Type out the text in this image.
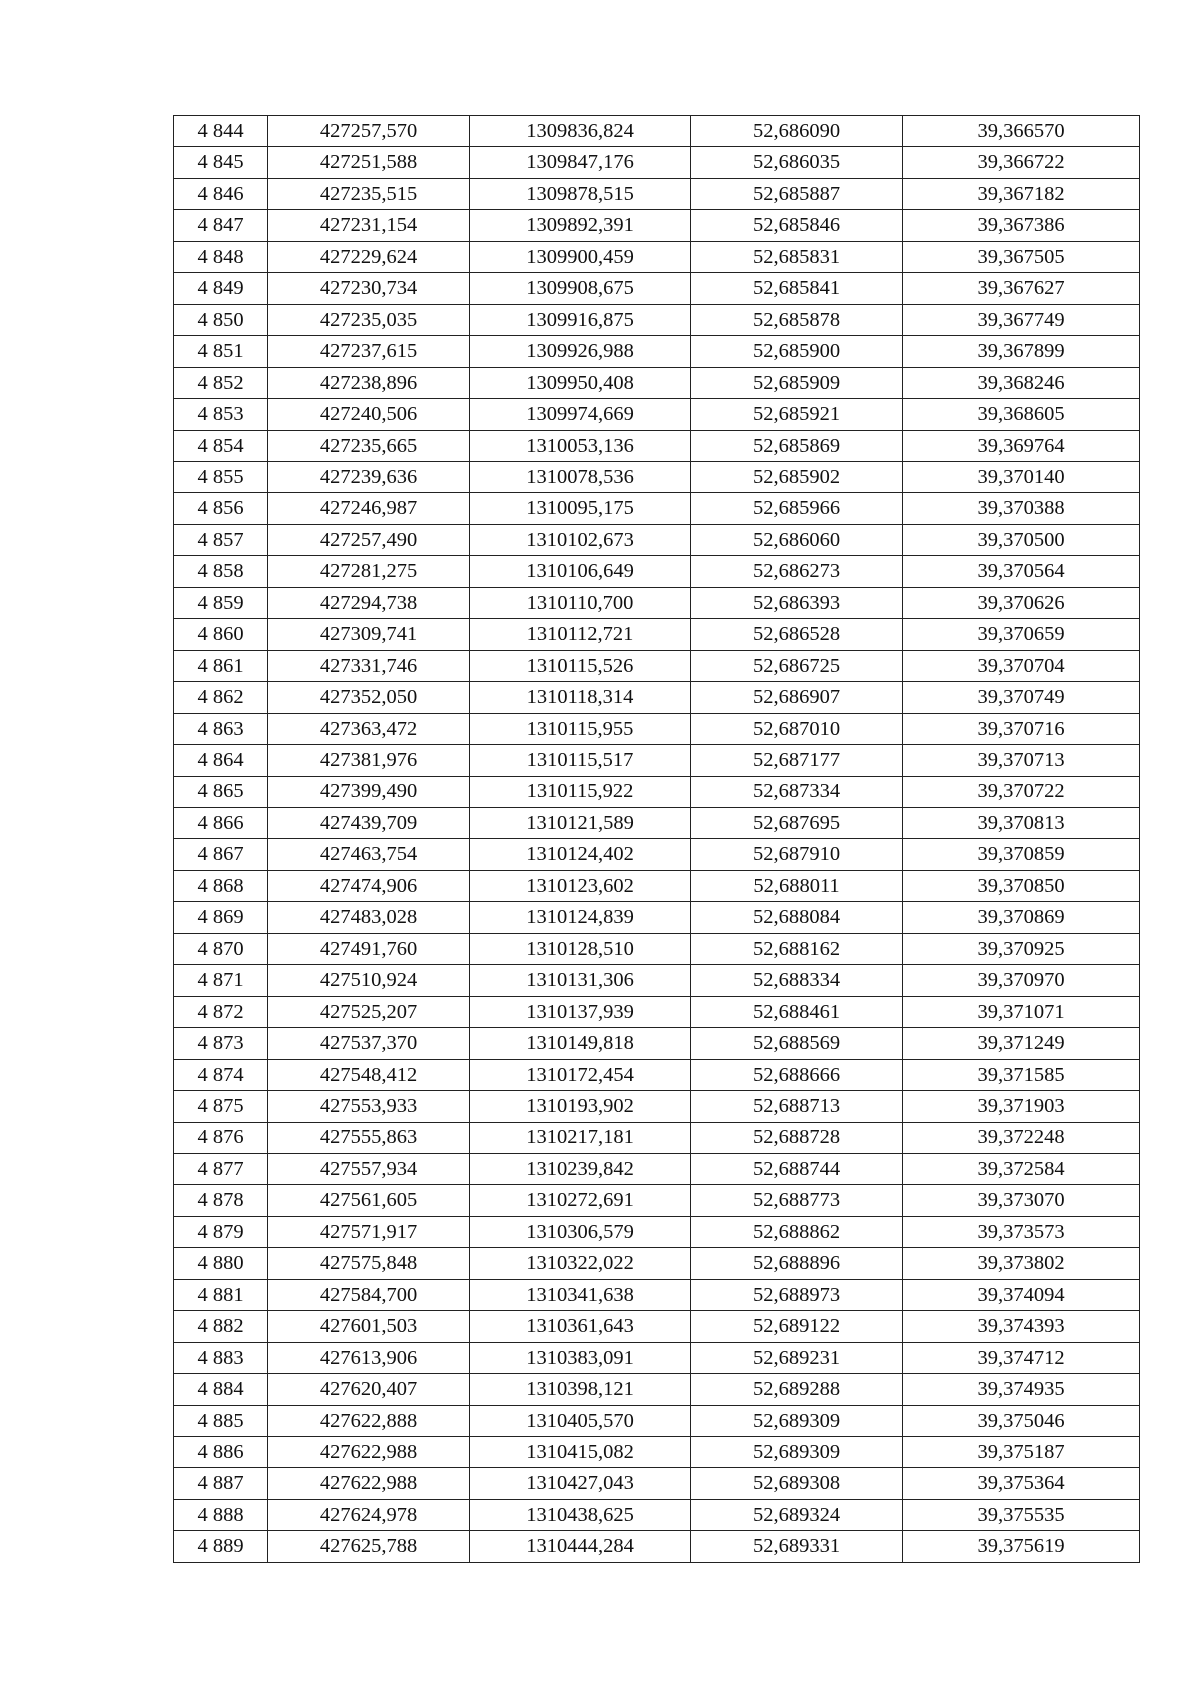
4 844	427257,570	1309836,824	52,686090	39,366570
4 845	427251,588	1309847,176	52,686035	39,366722
4 846	427235,515	1309878,515	52,685887	39,367182
4 847	427231,154	1309892,391	52,685846	39,367386
4 848	427229,624	1309900,459	52,685831	39,367505
4 849	427230,734	1309908,675	52,685841	39,367627
4 850	427235,035	1309916,875	52,685878	39,367749
4 851	427237,615	1309926,988	52,685900	39,367899
4 852	427238,896	1309950,408	52,685909	39,368246
4 853	427240,506	1309974,669	52,685921	39,368605
4 854	427235,665	1310053,136	52,685869	39,369764
4 855	427239,636	1310078,536	52,685902	39,370140
4 856	427246,987	1310095,175	52,685966	39,370388
4 857	427257,490	1310102,673	52,686060	39,370500
4 858	427281,275	1310106,649	52,686273	39,370564
4 859	427294,738	1310110,700	52,686393	39,370626
4 860	427309,741	1310112,721	52,686528	39,370659
4 861	427331,746	1310115,526	52,686725	39,370704
4 862	427352,050	1310118,314	52,686907	39,370749
4 863	427363,472	1310115,955	52,687010	39,370716
4 864	427381,976	1310115,517	52,687177	39,370713
4 865	427399,490	1310115,922	52,687334	39,370722
4 866	427439,709	1310121,589	52,687695	39,370813
4 867	427463,754	1310124,402	52,687910	39,370859
4 868	427474,906	1310123,602	52,688011	39,370850
4 869	427483,028	1310124,839	52,688084	39,370869
4 870	427491,760	1310128,510	52,688162	39,370925
4 871	427510,924	1310131,306	52,688334	39,370970
4 872	427525,207	1310137,939	52,688461	39,371071
4 873	427537,370	1310149,818	52,688569	39,371249
4 874	427548,412	1310172,454	52,688666	39,371585
4 875	427553,933	1310193,902	52,688713	39,371903
4 876	427555,863	1310217,181	52,688728	39,372248
4 877	427557,934	1310239,842	52,688744	39,372584
4 878	427561,605	1310272,691	52,688773	39,373070
4 879	427571,917	1310306,579	52,688862	39,373573
4 880	427575,848	1310322,022	52,688896	39,373802
4 881	427584,700	1310341,638	52,688973	39,374094
4 882	427601,503	1310361,643	52,689122	39,374393
4 883	427613,906	1310383,091	52,689231	39,374712
4 884	427620,407	1310398,121	52,689288	39,374935
4 885	427622,888	1310405,570	52,689309	39,375046
4 886	427622,988	1310415,082	52,689309	39,375187
4 887	427622,988	1310427,043	52,689308	39,375364
4 888	427624,978	1310438,625	52,689324	39,375535
4 889	427625,788	1310444,284	52,689331	39,375619
